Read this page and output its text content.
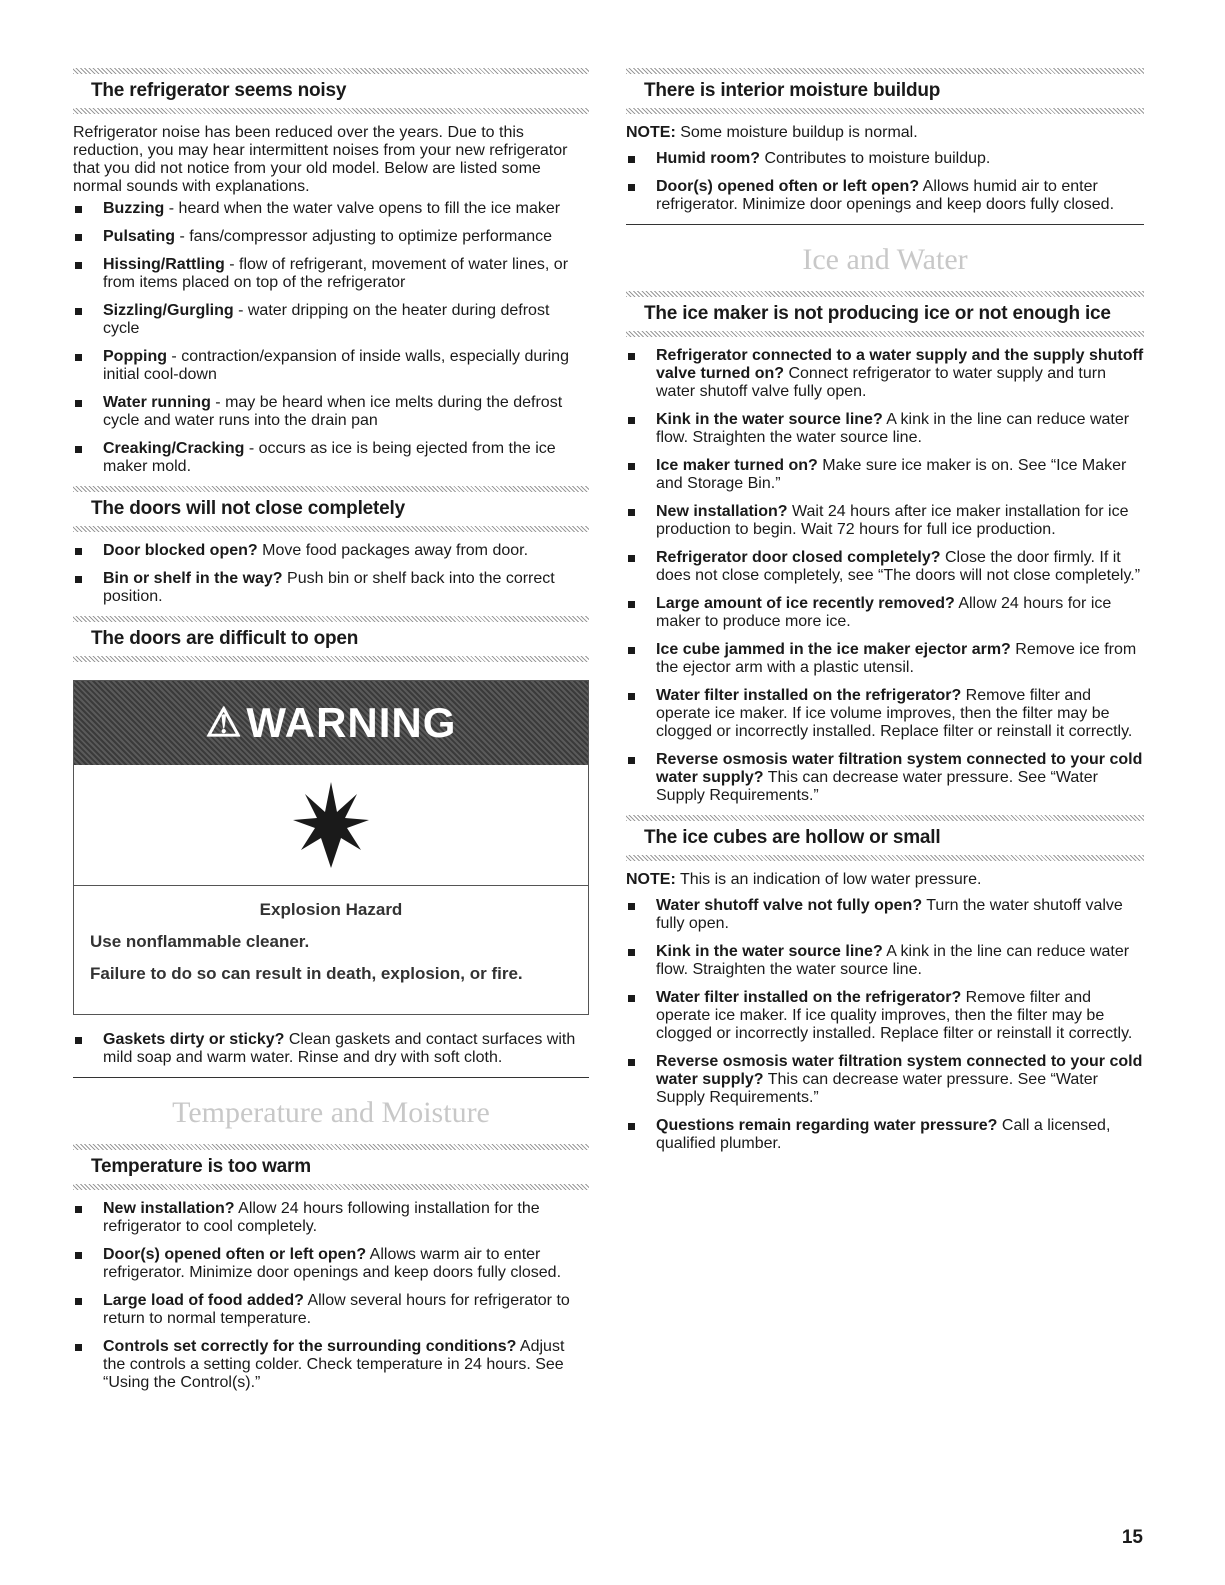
The refrigerator seems noisy

Refrigerator noise has been reduced over the years. Due to this reduction, you may hear intermittent noises from your new refrigerator that you did not notice from your old model. Below are listed some normal sounds with explanations.

Buzzing - heard when the water valve opens to fill the ice maker
Pulsating - fans/compressor adjusting to optimize performance
Hissing/Rattling - flow of refrigerant, movement of water lines, or from items placed on top of the refrigerator
Sizzling/Gurgling - water dripping on the heater during defrost cycle
Popping - contraction/expansion of inside walls, especially during initial cool-down
Water running - may be heard when ice melts during the defrost cycle and water runs into the drain pan
Creaking/Cracking - occurs as ice is being ejected from the ice maker mold.
The doors will not close completely
Door blocked open? Move food packages away from door.
Bin or shelf in the way? Push bin or shelf back into the correct position.
The doors are difficult to open
⚠ WARNING
Explosion Hazard
Use nonflammable cleaner.
Failure to do so can result in death, explosion, or fire.
Gaskets dirty or sticky? Clean gaskets and contact surfaces with mild soap and warm water. Rinse and dry with soft cloth.
Temperature and Moisture
Temperature is too warm
New installation? Allow 24 hours following installation for the refrigerator to cool completely.
Door(s) opened often or left open? Allows warm air to enter refrigerator. Minimize door openings and keep doors fully closed.
Large load of food added? Allow several hours for refrigerator to return to normal temperature.
Controls set correctly for the surrounding conditions? Adjust the controls a setting colder. Check temperature in 24 hours. See “Using the Control(s).”
There is interior moisture buildup

NOTE: Some moisture buildup is normal.

Humid room? Contributes to moisture buildup.
Door(s) opened often or left open? Allows humid air to enter refrigerator. Minimize door openings and keep doors fully closed.
Ice and Water
The ice maker is not producing ice or not enough ice
Refrigerator connected to a water supply and the supply shutoff valve turned on? Connect refrigerator to water supply and turn water shutoff valve fully open.
Kink in the water source line? A kink in the line can reduce water flow. Straighten the water source line.
Ice maker turned on? Make sure ice maker is on. See “Ice Maker and Storage Bin.”
New installation? Wait 24 hours after ice maker installation for ice production to begin. Wait 72 hours for full ice production.
Refrigerator door closed completely? Close the door firmly. If it does not close completely, see “The doors will not close completely.”
Large amount of ice recently removed? Allow 24 hours for ice maker to produce more ice.
Ice cube jammed in the ice maker ejector arm? Remove ice from the ejector arm with a plastic utensil.
Water filter installed on the refrigerator? Remove filter and operate ice maker. If ice volume improves, then the filter may be clogged or incorrectly installed. Replace filter or reinstall it correctly.
Reverse osmosis water filtration system connected to your cold water supply? This can decrease water pressure. See “Water Supply Requirements.”
The ice cubes are hollow or small

NOTE: This is an indication of low water pressure.

Water shutoff valve not fully open? Turn the water shutoff valve fully open.
Kink in the water source line? A kink in the line can reduce water flow. Straighten the water source line.
Water filter installed on the refrigerator? Remove filter and operate ice maker. If ice quality improves, then the filter may be clogged or incorrectly installed. Replace filter or reinstall it correctly.
Reverse osmosis water filtration system connected to your cold water supply? This can decrease water pressure. See “Water Supply Requirements.”
Questions remain regarding water pressure? Call a licensed, qualified plumber.
15
